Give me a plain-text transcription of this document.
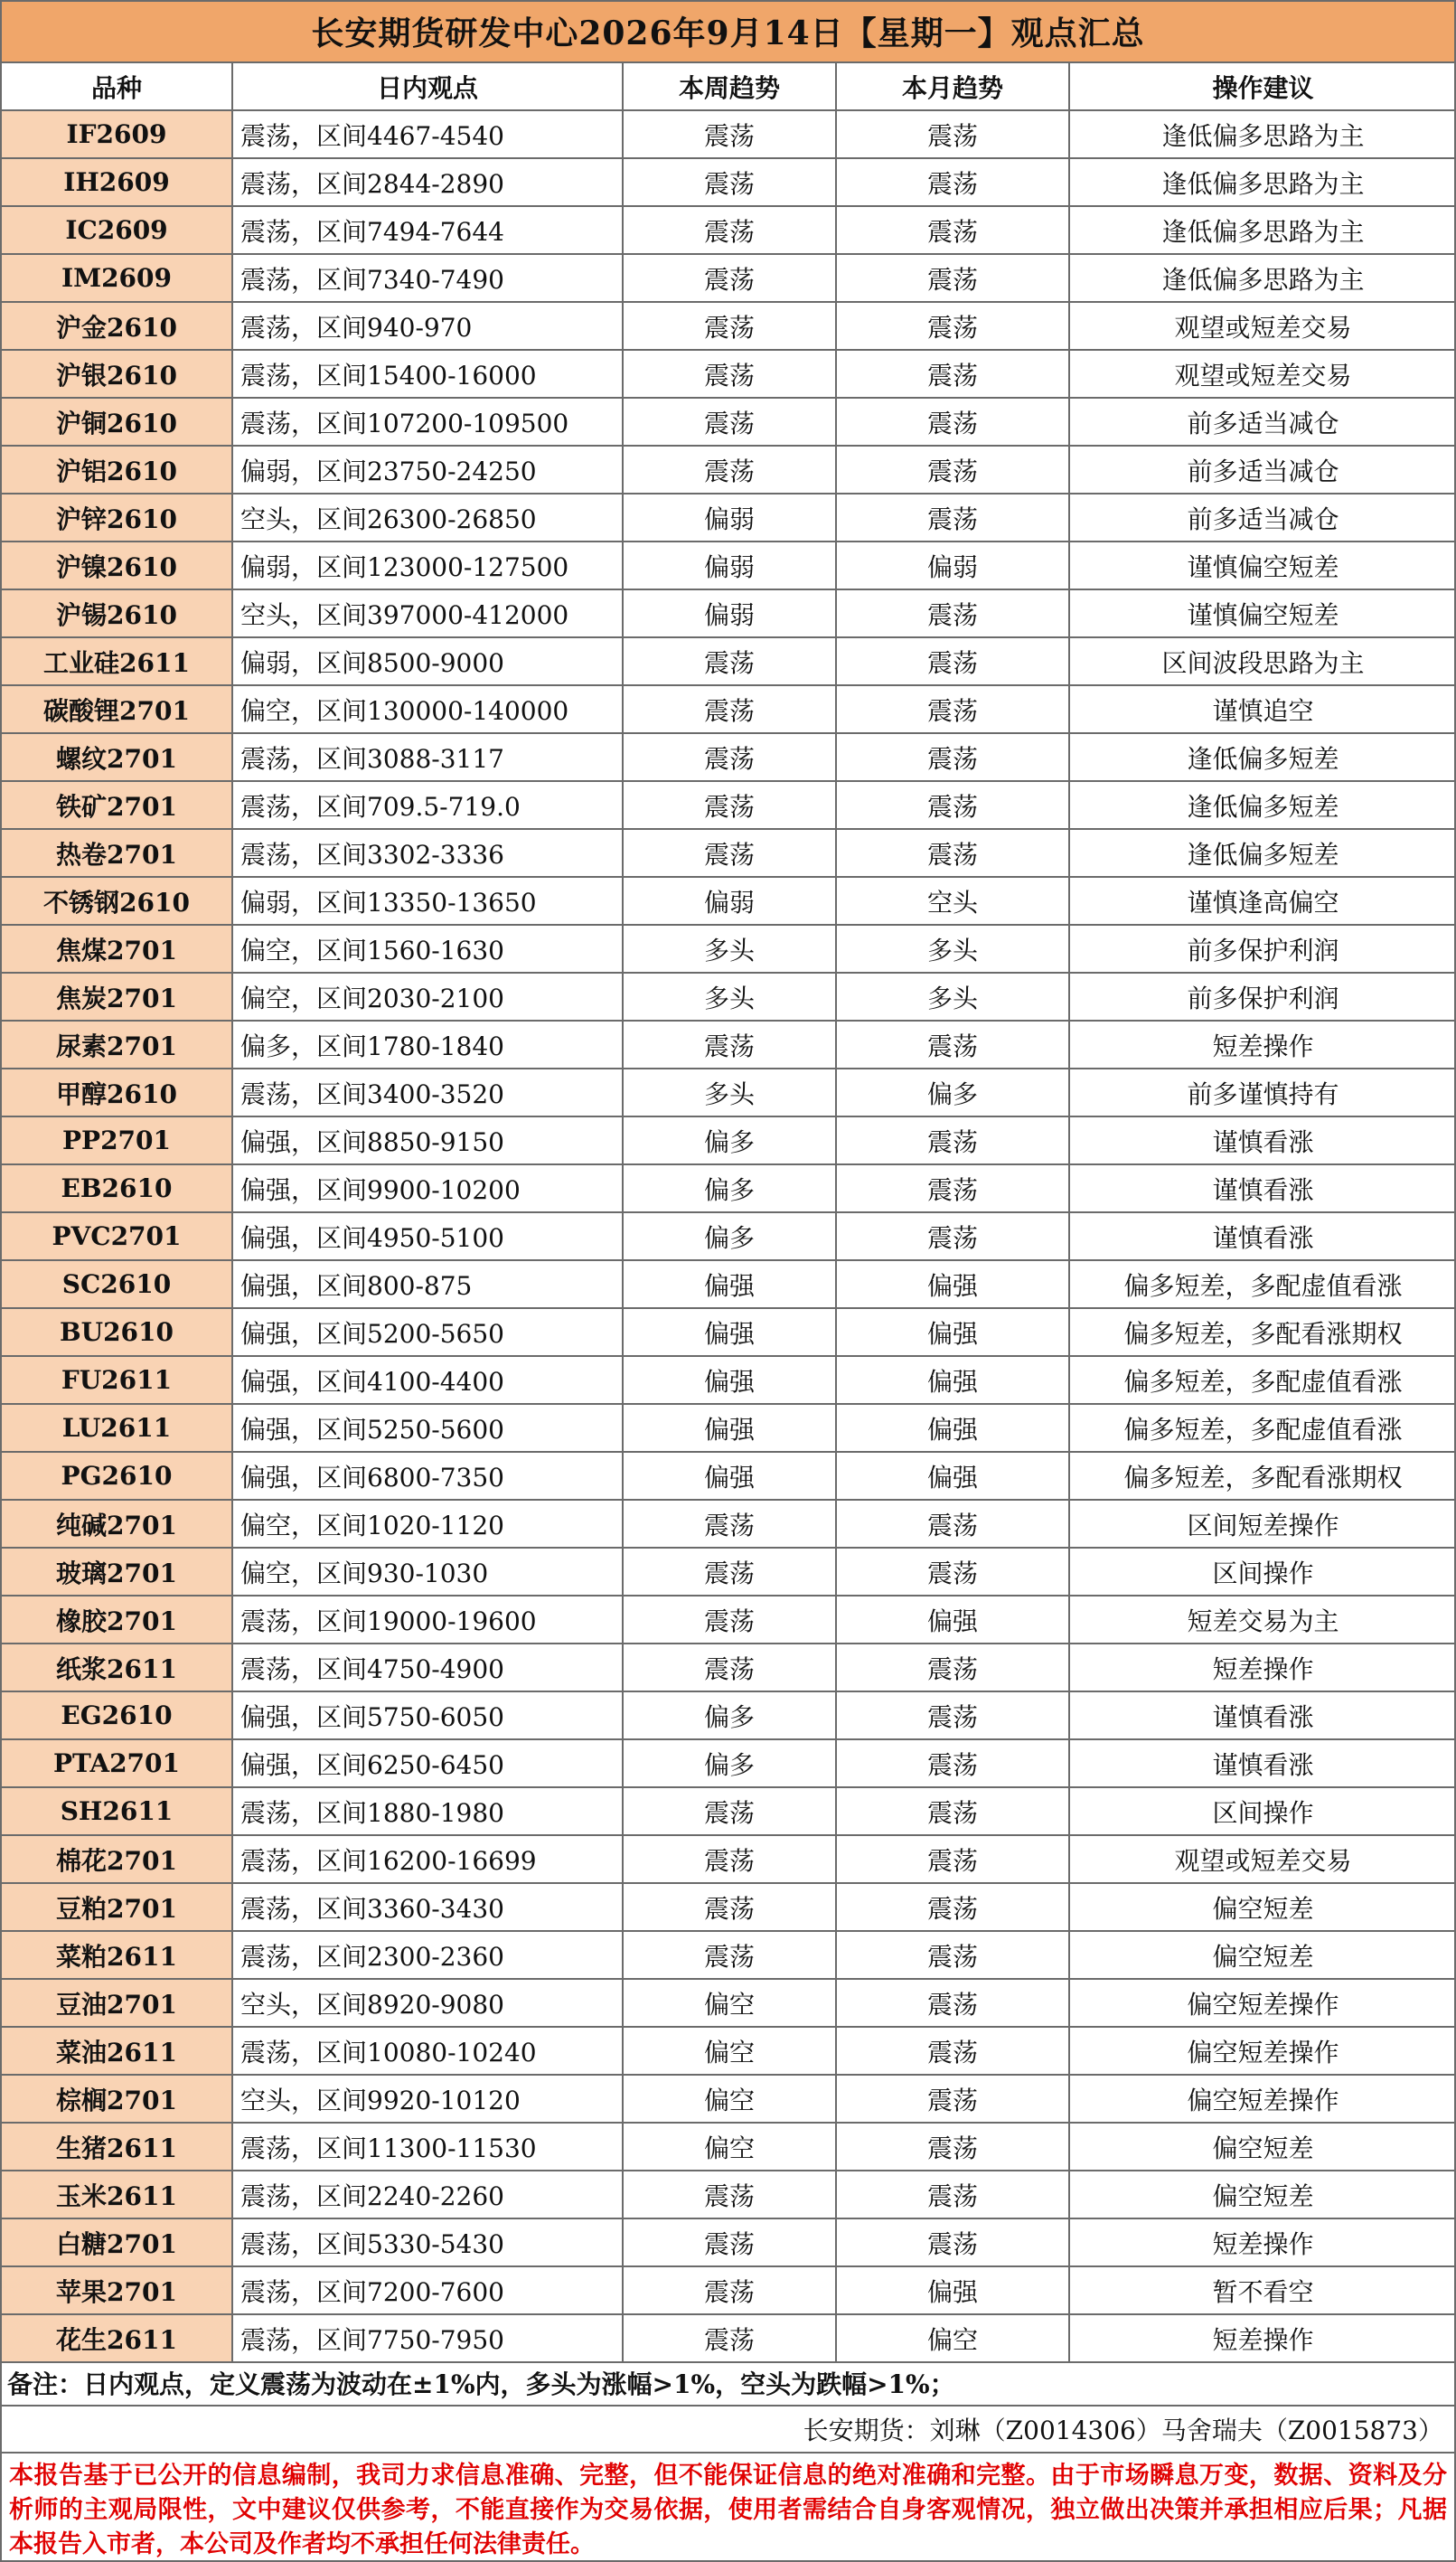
长安期货研发中心2026年9月14日【星期一】观点汇总
品种	日内观点	本周趋势	本月趋势	操作建议
IF2609	震荡，区间4467-4540	震荡	震荡	逢低偏多思路为主
IH2609	震荡，区间2844-2890	震荡	震荡	逢低偏多思路为主
IC2609	震荡，区间7494-7644	震荡	震荡	逢低偏多思路为主
IM2609	震荡，区间7340-7490	震荡	震荡	逢低偏多思路为主
沪金2610	震荡，区间940-970	震荡	震荡	观望或短差交易
沪银2610	震荡，区间15400-16000	震荡	震荡	观望或短差交易
沪铜2610	震荡，区间107200-109500	震荡	震荡	前多适当减仓
沪铝2610	偏弱，区间23750-24250	震荡	震荡	前多适当减仓
沪锌2610	空头，区间26300-26850	偏弱	震荡	前多适当减仓
沪镍2610	偏弱，区间123000-127500	偏弱	偏弱	谨慎偏空短差
沪锡2610	空头，区间397000-412000	偏弱	震荡	谨慎偏空短差
工业硅2611	偏弱，区间8500-9000	震荡	震荡	区间波段思路为主
碳酸锂2701	偏空，区间130000-140000	震荡	震荡	谨慎追空
螺纹2701	震荡，区间3088-3117	震荡	震荡	逢低偏多短差
铁矿2701	震荡，区间709.5-719.0	震荡	震荡	逢低偏多短差
热卷2701	震荡，区间3302-3336	震荡	震荡	逢低偏多短差
不锈钢2610	偏弱，区间13350-13650	偏弱	空头	谨慎逢高偏空
焦煤2701	偏空，区间1560-1630	多头	多头	前多保护利润
焦炭2701	偏空，区间2030-2100	多头	多头	前多保护利润
尿素2701	偏多，区间1780-1840	震荡	震荡	短差操作
甲醇2610	震荡，区间3400-3520	多头	偏多	前多谨慎持有
PP2701	偏强，区间8850-9150	偏多	震荡	谨慎看涨
EB2610	偏强，区间9900-10200	偏多	震荡	谨慎看涨
PVC2701	偏强，区间4950-5100	偏多	震荡	谨慎看涨
SC2610	偏强，区间800-875	偏强	偏强	偏多短差，多配虚值看涨
BU2610	偏强，区间5200-5650	偏强	偏强	偏多短差，多配看涨期权
FU2611	偏强，区间4100-4400	偏强	偏强	偏多短差，多配虚值看涨
LU2611	偏强，区间5250-5600	偏强	偏强	偏多短差，多配虚值看涨
PG2610	偏强，区间6800-7350	偏强	偏强	偏多短差，多配看涨期权
纯碱2701	偏空，区间1020-1120	震荡	震荡	区间短差操作
玻璃2701	偏空，区间930-1030	震荡	震荡	区间操作
橡胶2701	震荡，区间19000-19600	震荡	偏强	短差交易为主
纸浆2611	震荡，区间4750-4900	震荡	震荡	短差操作
EG2610	偏强，区间5750-6050	偏多	震荡	谨慎看涨
PTA2701	偏强，区间6250-6450	偏多	震荡	谨慎看涨
SH2611	震荡，区间1880-1980	震荡	震荡	区间操作
棉花2701	震荡，区间16200-16699	震荡	震荡	观望或短差交易
豆粕2701	震荡，区间3360-3430	震荡	震荡	偏空短差
菜粕2611	震荡，区间2300-2360	震荡	震荡	偏空短差
豆油2701	空头，区间8920-9080	偏空	震荡	偏空短差操作
菜油2611	震荡，区间10080-10240	偏空	震荡	偏空短差操作
棕榈2701	空头，区间9920-10120	偏空	震荡	偏空短差操作
生猪2611	震荡，区间11300-11530	偏空	震荡	偏空短差
玉米2611	震荡，区间2240-2260	震荡	震荡	偏空短差
白糖2701	震荡，区间5330-5430	震荡	震荡	短差操作
苹果2701	震荡，区间7200-7600	震荡	偏强	暂不看空
花生2611	震荡，区间7750-7950	震荡	偏空	短差操作
备注：日内观点，定义震荡为波动在±1%内，多头为涨幅>1%，空头为跌幅>1%；
长安期货：刘琳（Z0014306）马舍瑞夫（Z0015873）
本报告基于已公开的信息编制，我司力求信息准确、完整，但不能保证信息的绝对准确和完整。由于市场瞬息万变，数据、资料及分析师的主观局限性，文中建议仅供参考，不能直接作为交易依据，使用者需结合自身客观情况，独立做出决策并承担相应后果；凡据本报告入市者，本公司及作者均不承担任何法律责任。
